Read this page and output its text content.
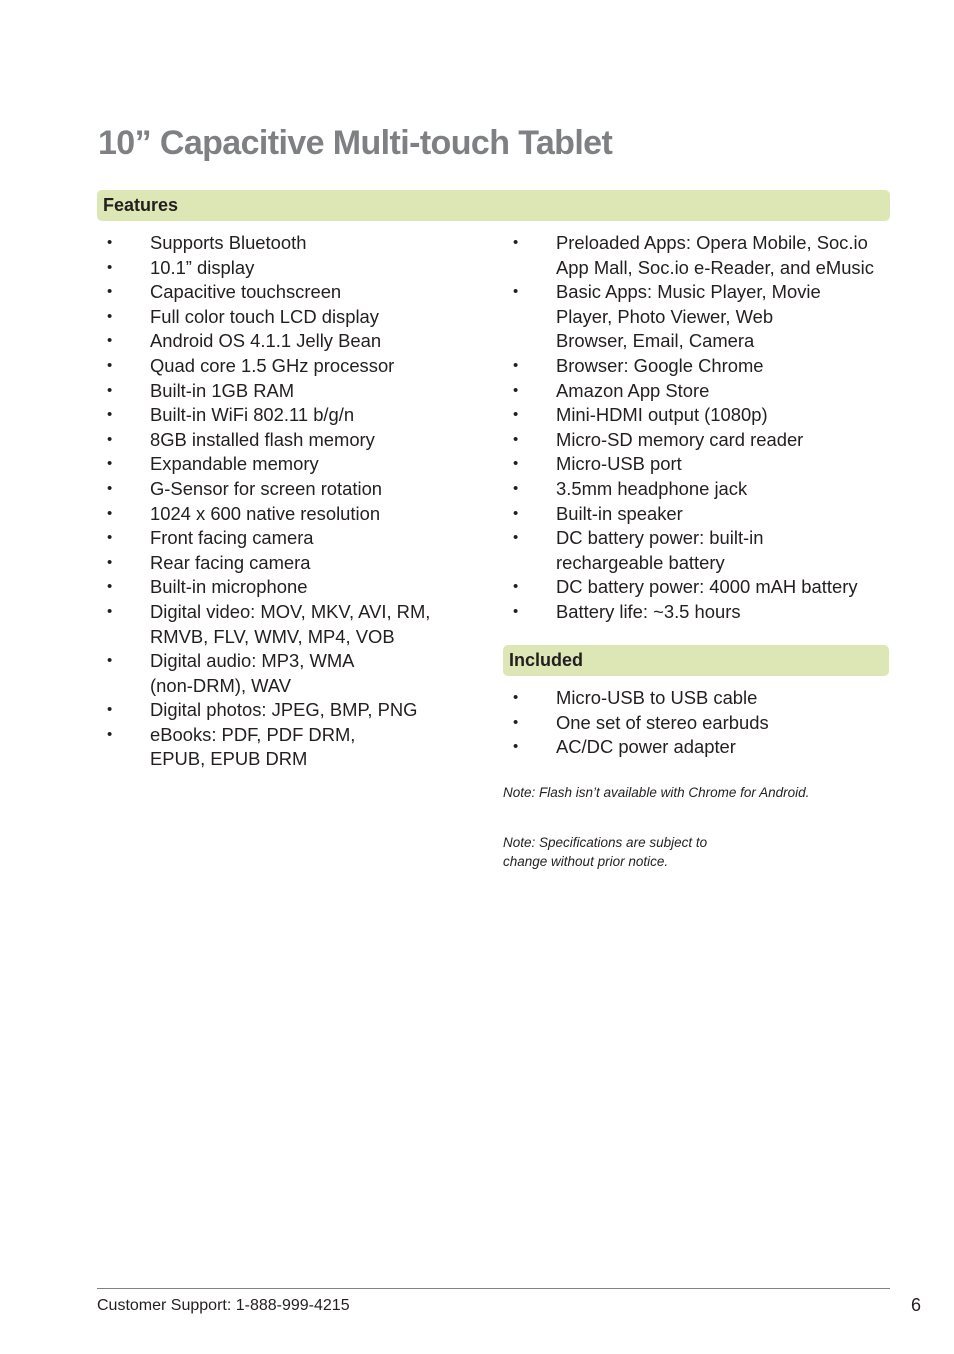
10” Capacitive Multi-touch Tablet
Features
• Supports Bluetooth
• 10.1” display
• Capacitive touchscreen
• Full color touch LCD display
• Android OS 4.1.1 Jelly Bean
• Quad core 1.5 GHz processor
• Built-in 1GB RAM
• Built-in WiFi 802.11 b/g/n
• 8GB installed flash memory
• Expandable memory
• G-Sensor for screen rotation
• 1024 x 600 native resolution
• Front facing camera
• Rear facing camera
• Built-in microphone
• Digital video: MOV, MKV, AVI, RM,
RMVB, FLV, WMV, MP4, VOB
• Digital audio: MP3, WMA
(non-DRM), WAV
• Digital photos: JPEG, BMP, PNG
• eBooks: PDF, PDF DRM,
EPUB, EPUB DRM
• Preloaded Apps: Opera Mobile, Soc.io
App Mall, Soc.io e-Reader, and eMusic
• Basic Apps: Music Player, Movie
Player, Photo Viewer, Web
Browser, Email, Camera
• Browser: Google Chrome
• Amazon App Store
• Mini-HDMI output (1080p)
• Micro-SD memory card reader
• Micro-USB port
• 3.5mm headphone jack
• Built-in speaker
• DC battery power: built-in
rechargeable battery
• DC battery power: 4000 mAH battery
• Battery life: ~3.5 hours
Included
• Micro-USB to USB cable
• One set of stereo earbuds
• AC/DC power adapter

Note: Flash isn’t available with Chrome for Android.

Note: Specifications are subject to
change without prior notice.

Customer Support: 1-888-999-4215	6
